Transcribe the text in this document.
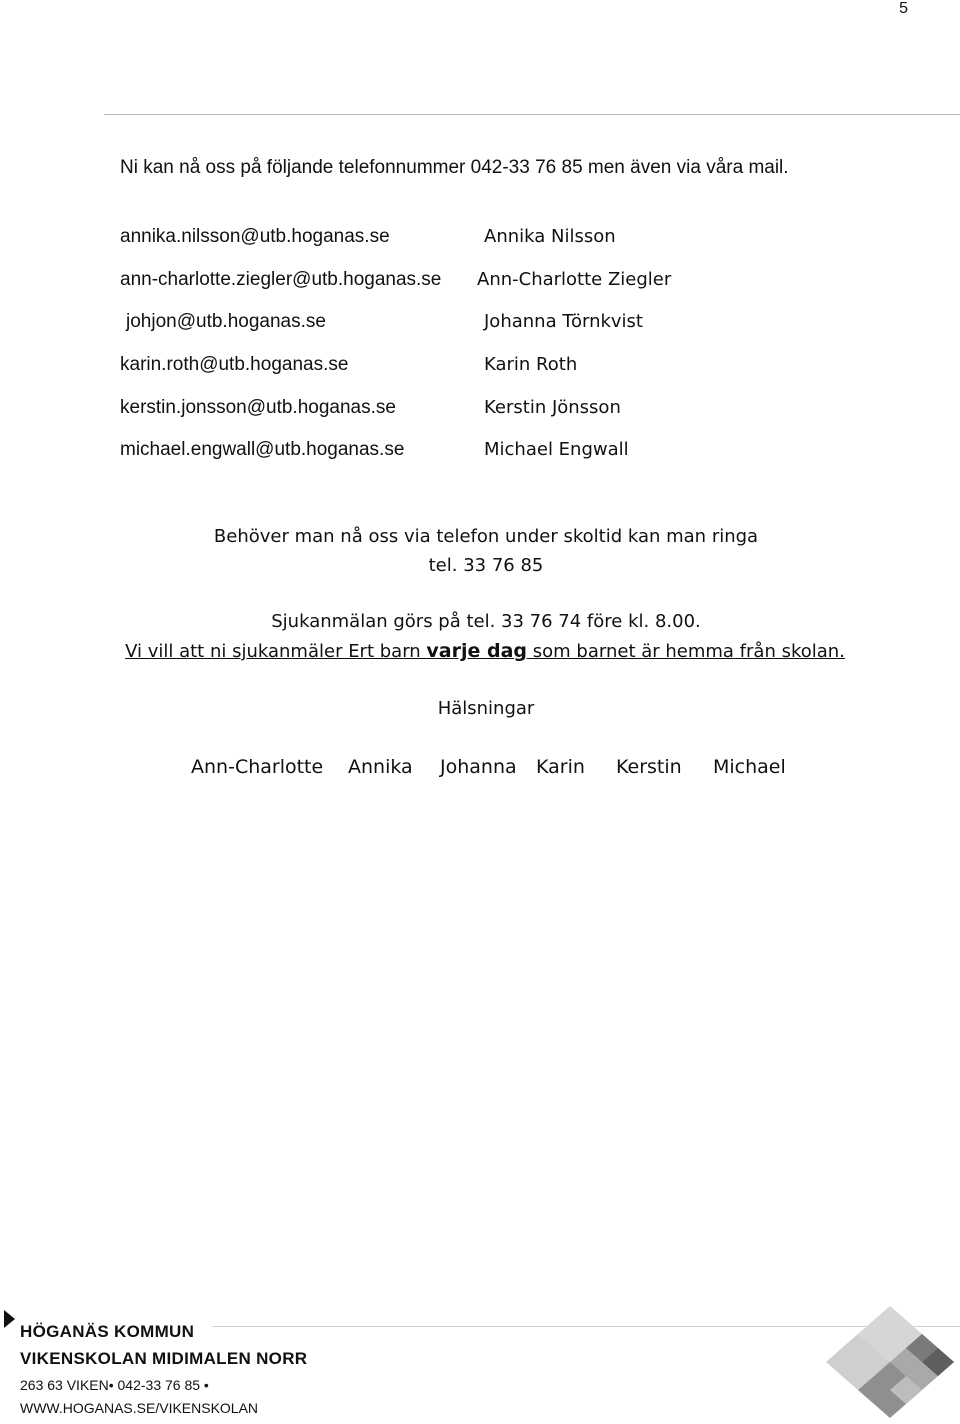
5
Ni kan nå oss på följande telefonnummer 042-33 76 85 men även via våra mail.
annika.nilsson@utb.hoganas.se	Annika Nilsson
ann-charlotte.ziegler@utb.hoganas.se Ann-Charlotte Ziegler
johjon@utb.hoganas.se	Johanna Törnkvist
karin.roth@utb.hoganas.se	Karin Roth
kerstin.jonsson@utb.hoganas.se	Kerstin Jönsson
michael.engwall@utb.hoganas.se	Michael Engwall
Behöver man nå oss via telefon under skoltid kan man ringa
tel. 33 76 85
Sjukanmälan görs på tel. 33 76 74 före kl. 8.00.
Vi vill att ni sjukanmäler Ert barn varje dag som barnet är hemma från skolan.
Hälsningar
Ann-Charlotte Annika Johanna Karin Kerstin Michael
HÖGANÄS KOMMUN
VIKENSKOLAN MIDIMALEN NORR
263 63 VIKEN• 042-33 76 85 •
WWW.HOGANAS.SE/VIKENSKOLAN
